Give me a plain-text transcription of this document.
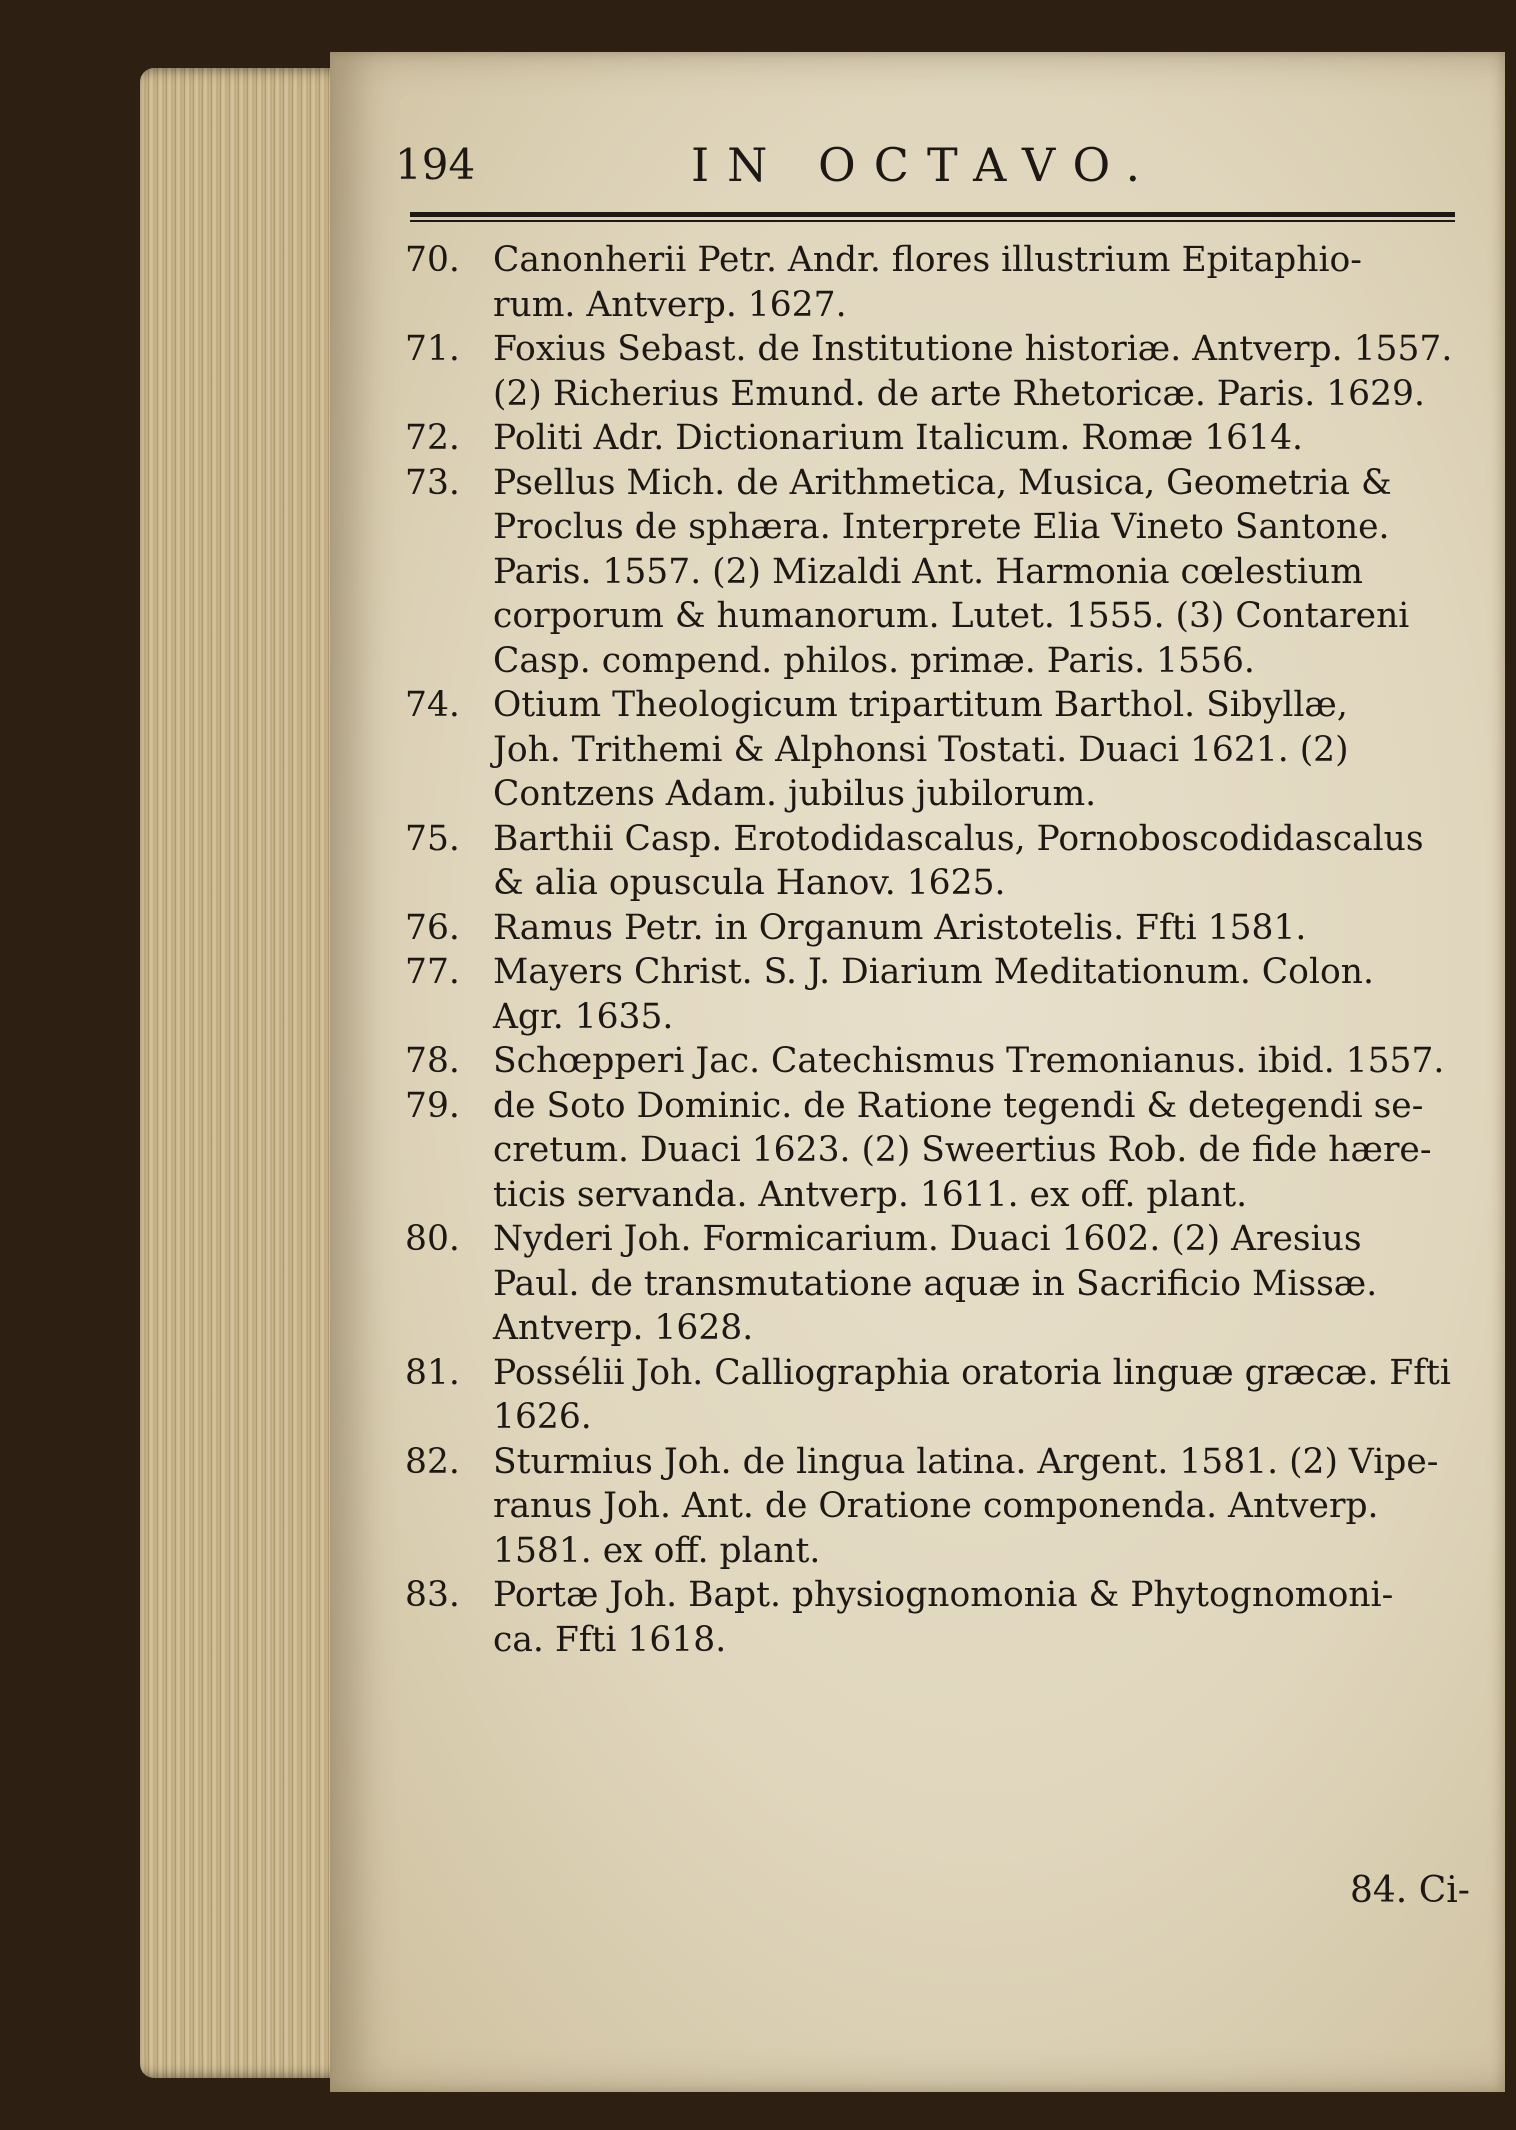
194	IN OCTAVO.
70. Canonherii Petr. Andr. flores illustrium Epitaphio-
rum. Antverp. 1627.
71. Foxius Sebast. de Institutione historiæ. Antverp. 1557.
(2) Richerius Emund. de arte Rhetoricæ. Paris. 1629.
72. Politi Adr. Dictionarium Italicum. Romæ 1614.
73. Psellus Mich. de Arithmetica, Musica, Geometria &
Proclus de sphæra. Interprete Elia Vineto Santone.
Paris. 1557. (2) Mizaldi Ant. Harmonia cœlestium
corporum & humanorum. Lutet. 1555. (3) Contareni
Casp. compend. philos. primæ. Paris. 1556.
74. Otium Theologicum tripartitum Barthol. Sibyllæ,
Joh. Trithemi & Alphonsi Tostati. Duaci 1621. (2)
Contzens Adam. jubilus jubilorum.
75. Barthii Casp. Erotodidascalus, Pornoboscodidascalus
& alia opuscula Hanov. 1625.
76. Ramus Petr. in Organum Aristotelis. Ffti 1581.
77. Mayers Christ. S. J. Diarium Meditationum. Colon.
Agr. 1635.
78. Schœpperi Jac. Catechismus Tremonianus. ibid. 1557.
79. de Soto Dominic. de Ratione tegendi & detegendi se-
cretum. Duaci 1623. (2) Sweertius Rob. de fide hære-
ticis servanda. Antverp. 1611. ex off. plant.
80. Nyderi Joh. Formicarium. Duaci 1602. (2) Aresius
Paul. de transmutatione aquæ in Sacrificio Missæ.
Antverp. 1628.
81. Possélii Joh. Calliographia oratoria linguæ græcæ. Ffti
1626.
82. Sturmius Joh. de lingua latina. Argent. 1581. (2) Vipe-
ranus Joh. Ant. de Oratione componenda. Antverp.
1581. ex off. plant.
83. Portæ Joh. Bapt. physiognomonia & Phytognomoni-
ca. Ffti 1618.
84. Ci-
